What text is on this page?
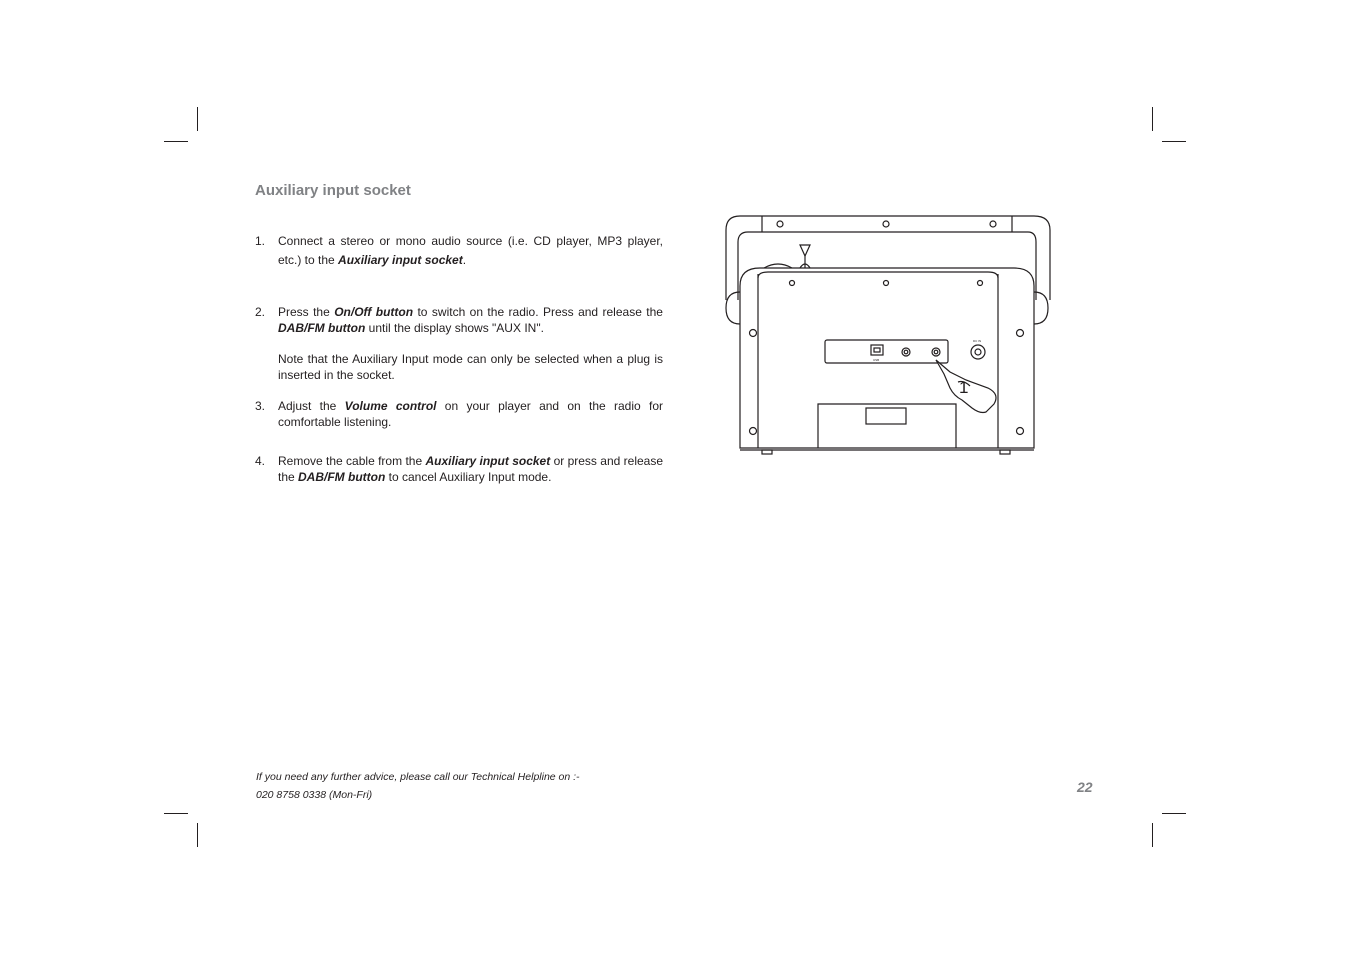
Auxiliary input socket
1. Connect a stereo or mono audio source (i.e. CD player, MP3 player, etc.) to the Auxiliary input socket.

2. Press the On/Off button to switch on the radio. Press and release the DAB/FM button until the display shows "AUX IN".

Note that the Auxiliary Input mode can only be selected when a plug is inserted in the socket.

3. Adjust the Volume control on your player and on the radio for comfortable listening.

4. Remove the cable from the Auxiliary input socket or press and release the DAB/FM button to cancel Auxiliary Input mode.

USB
DC IN
1
If you need any further advice, please call our Technical Helpline on :-
020 8758 0338 (Mon-Fri)	22
